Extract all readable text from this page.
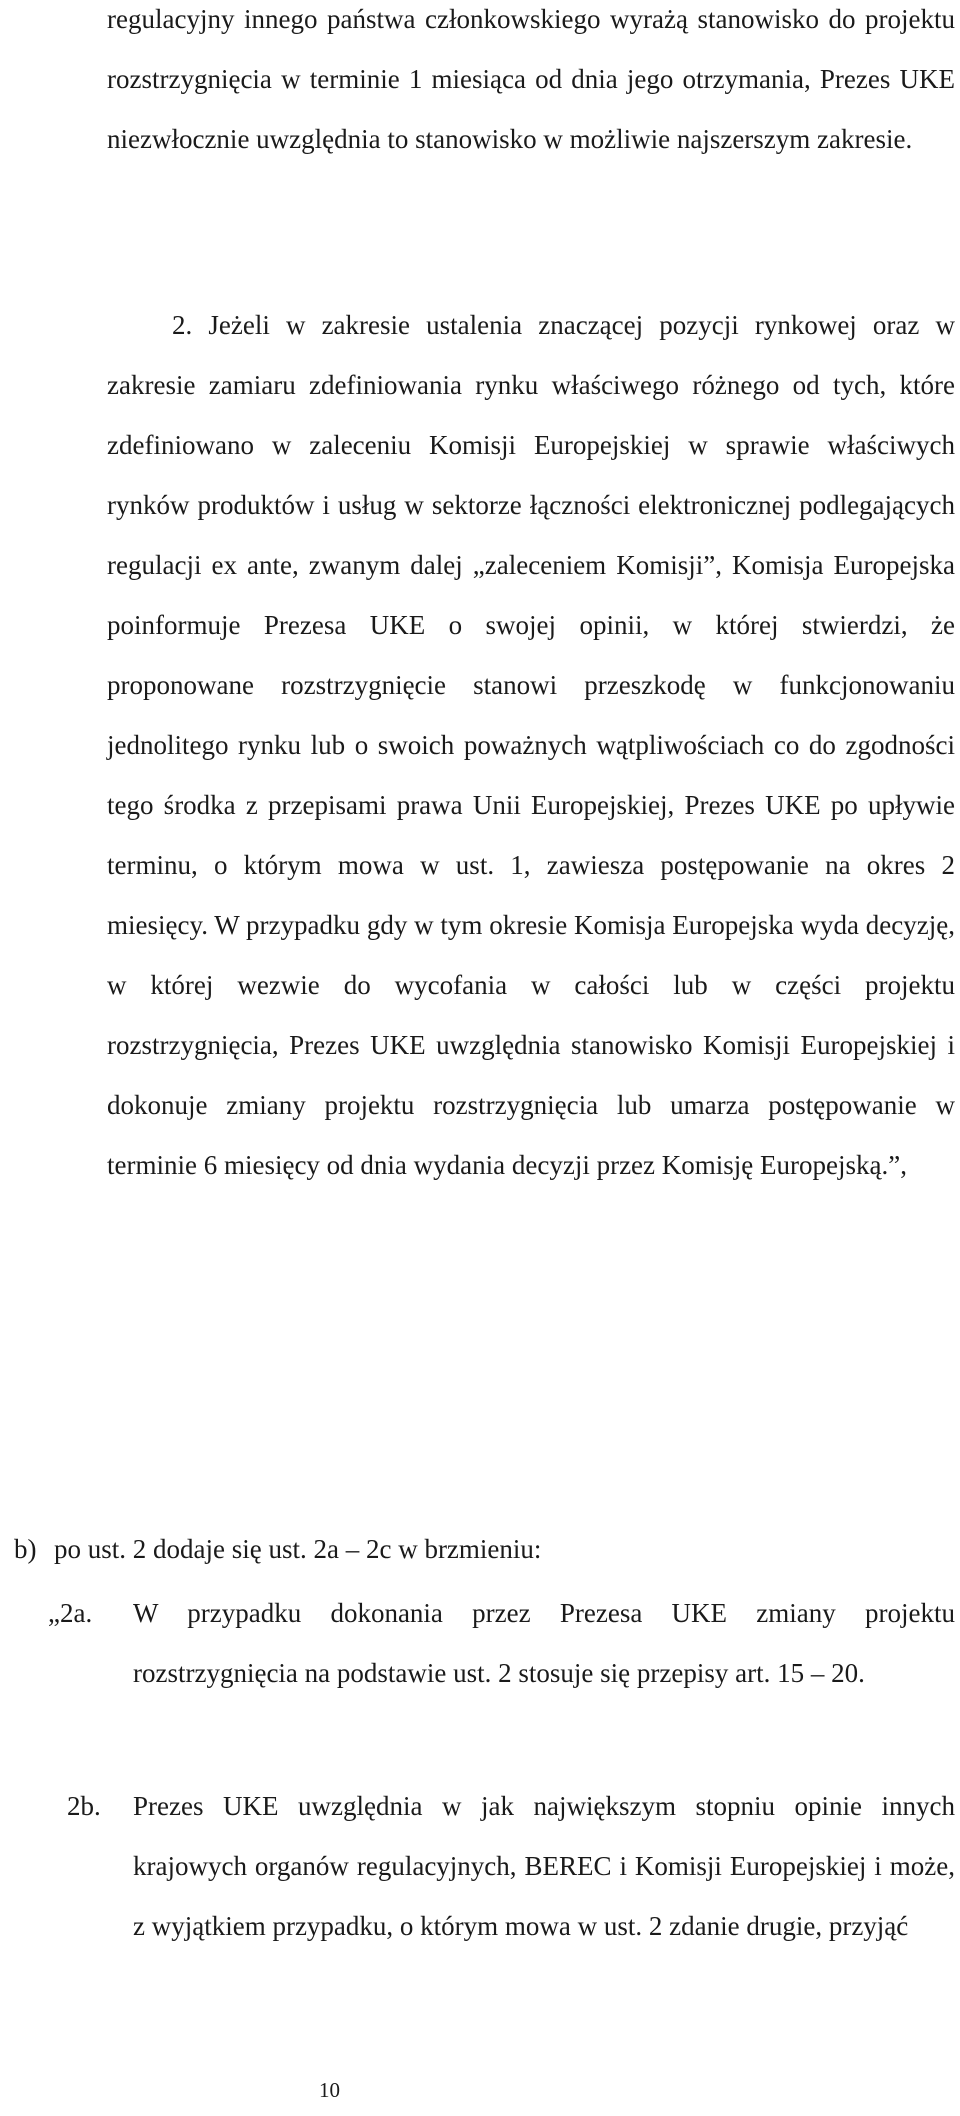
regulacyjny innego państwa członkowskiego wyrażą stanowisko do projektu rozstrzygnięcia w terminie 1 miesiąca od dnia jego otrzymania, Prezes UKE niezwłocznie uwzględnia to stanowisko w możliwie najszerszym zakresie.
2. Jeżeli w zakresie ustalenia znaczącej pozycji rynkowej oraz w zakresie zamiaru zdefiniowania rynku właściwego różnego od tych, które zdefiniowano w zaleceniu Komisji Europejskiej w sprawie właściwych rynków produktów i usług w sektorze łączności elektronicznej podlegających regulacji ex ante, zwanym dalej „zaleceniem Komisji”, Komisja Europejska poinformuje Prezesa UKE o swojej opinii, w której stwierdzi, że proponowane rozstrzygnięcie stanowi przeszkodę w funkcjonowaniu jednolitego rynku lub o swoich poważnych wątpliwościach co do zgodności tego środka z przepisami prawa Unii Europejskiej, Prezes UKE po upływie terminu, o którym mowa w ust. 1, zawiesza postępowanie na okres 2 miesięcy. W przypadku gdy w tym okresie Komisja Europejska wyda decyzję, w której wezwie do wycofania w całości lub w części projektu rozstrzygnięcia, Prezes UKE uwzględnia stanowisko Komisji Europejskiej i dokonuje zmiany projektu rozstrzygnięcia lub umarza postępowanie w terminie 6 miesięcy od dnia wydania decyzji przez Komisję Europejską.”,
b) po ust. 2 dodaje się ust. 2a – 2c w brzmieniu:
„2a. W przypadku dokonania przez Prezesa UKE zmiany projektu rozstrzygnięcia na podstawie ust. 2 stosuje się przepisy art. 15 – 20.
2b. Prezes UKE uwzględnia w jak największym stopniu opinie innych krajowych organów regulacyjnych, BEREC i Komisji Europejskiej i może, z wyjątkiem przypadku, o którym mowa w ust. 2 zdanie drugie, przyjąć
10
